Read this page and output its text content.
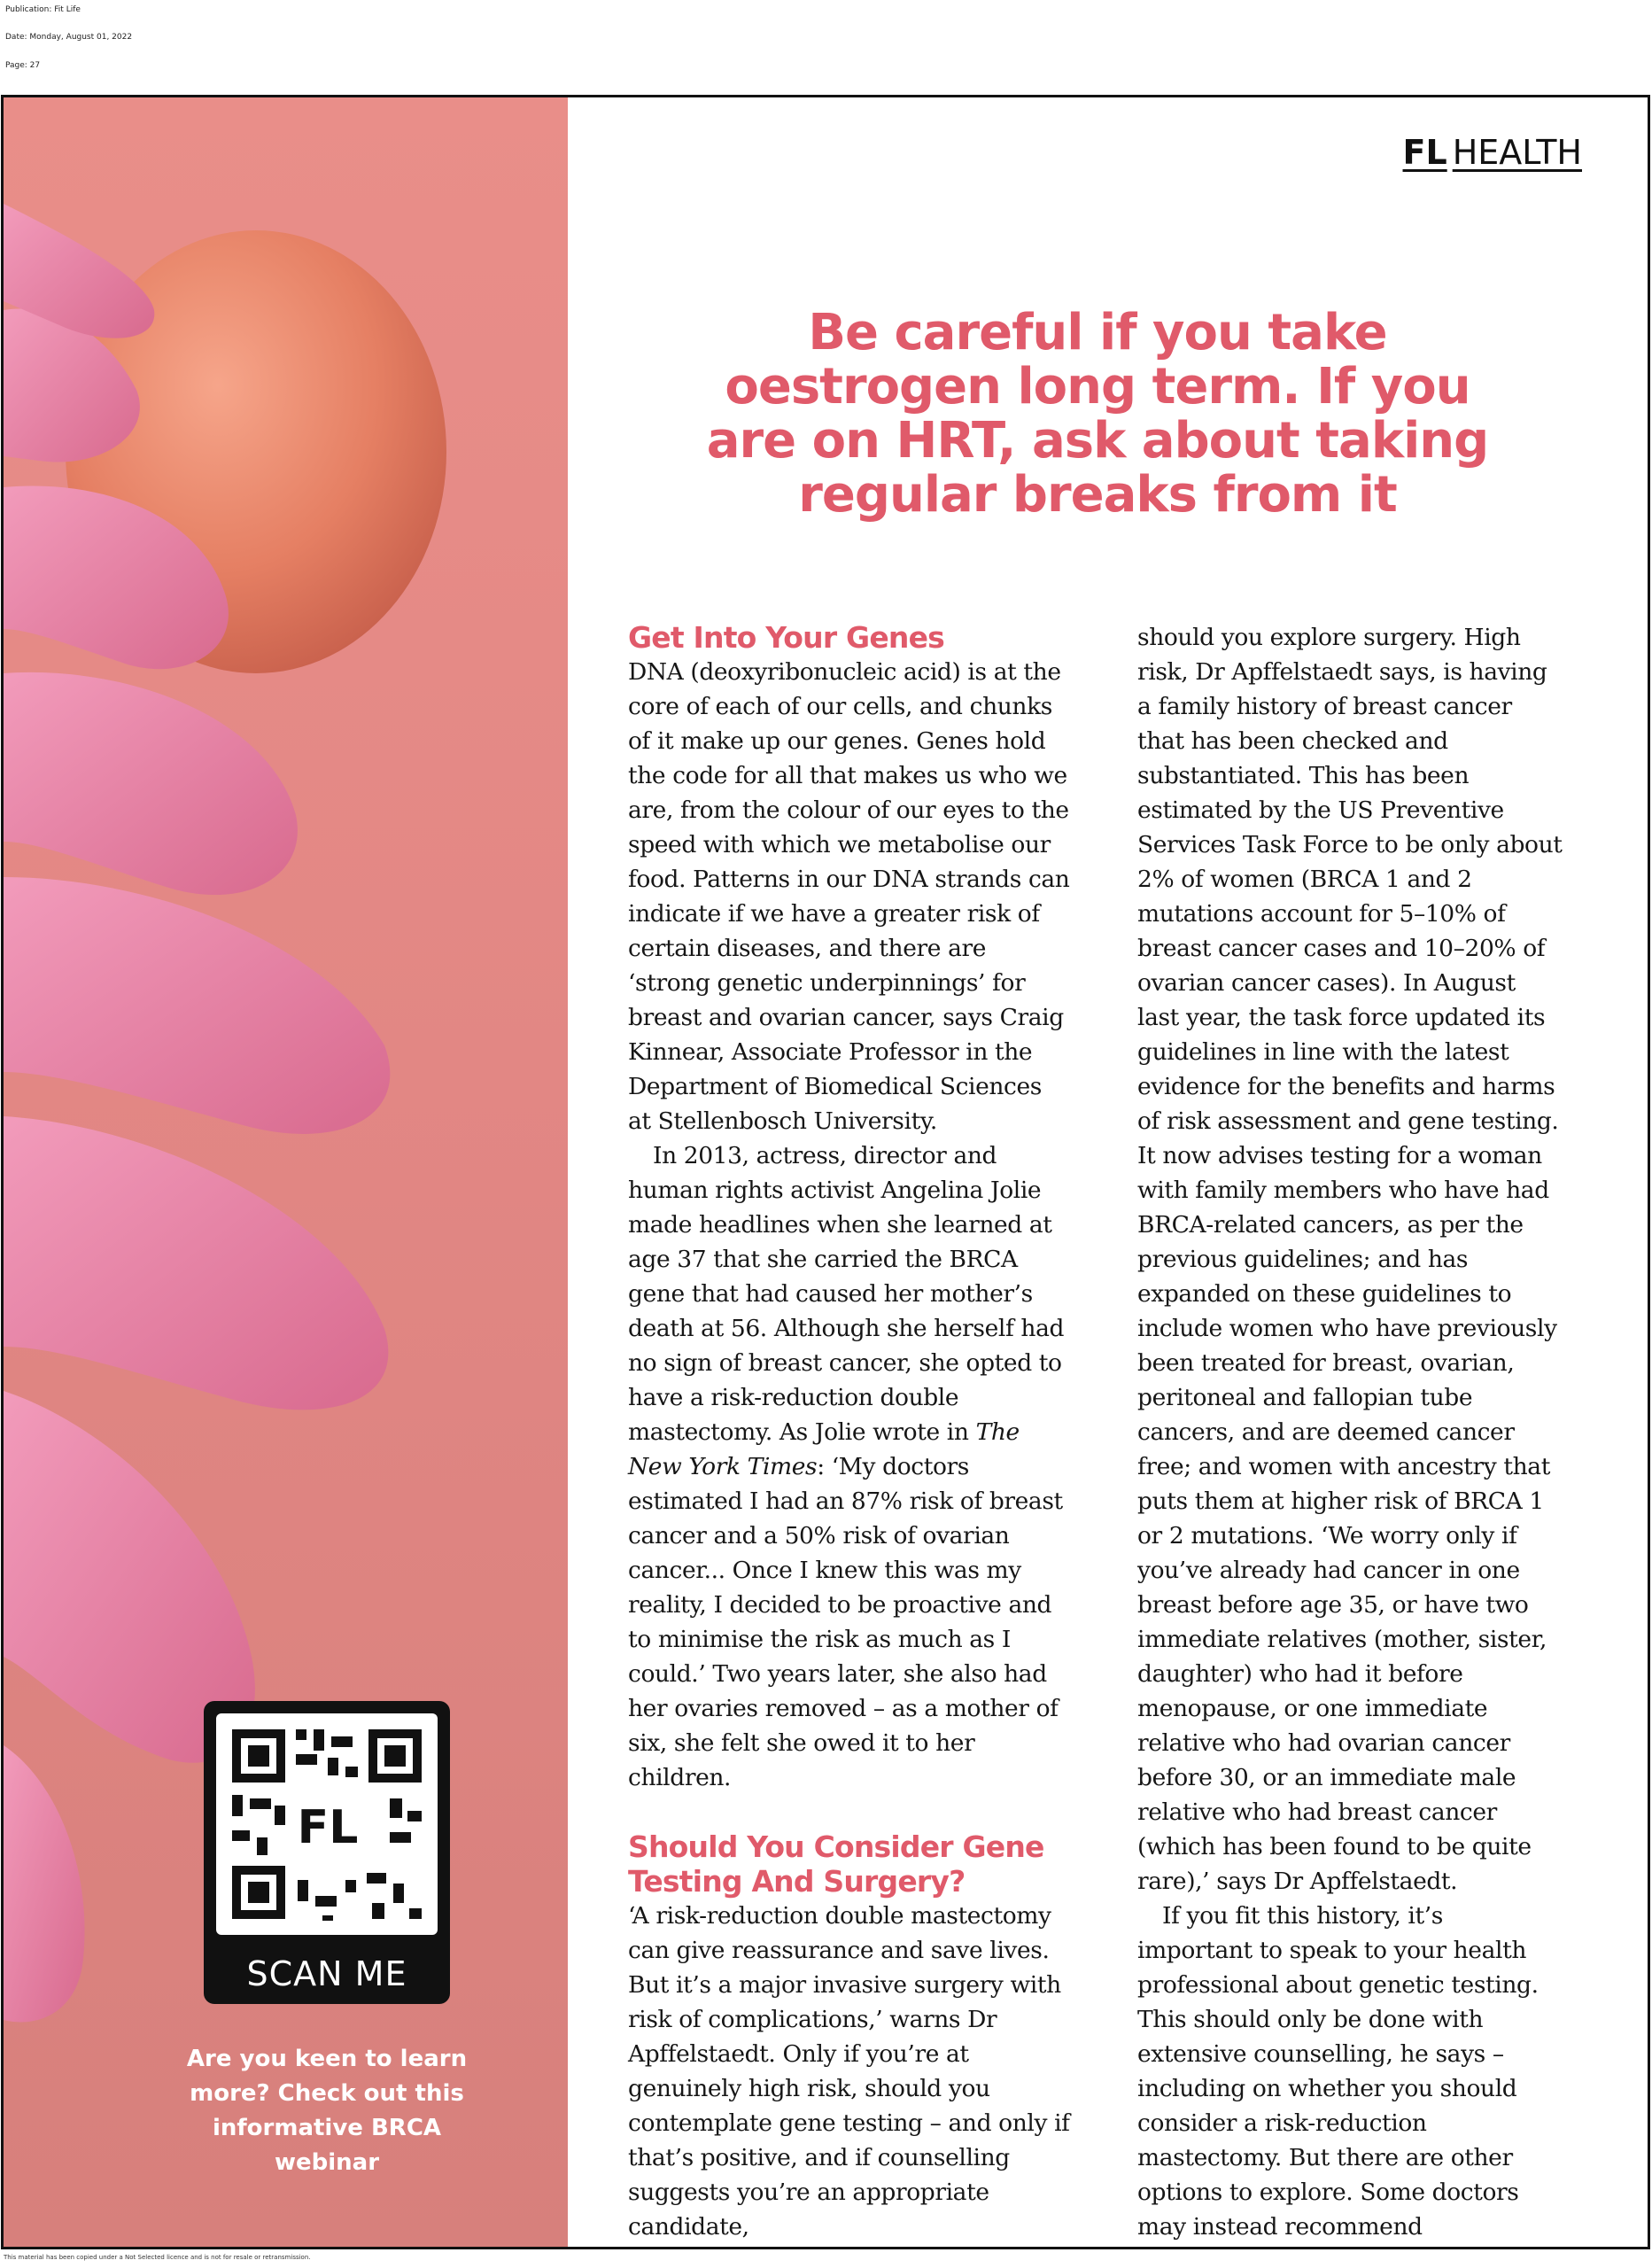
Publication: Fit Life
Date: Monday, August 01, 2022
Page: 27
FL
SCAN ME
Are you keen to learn more? Check out this informative BRCA webinar
FL HEALTH
Be careful if you take oestrogen long term. If you are on HRT, ask about taking regular breaks from it
Get Into Your Genes

DNA (deoxyribonucleic acid) is at the core of each of our cells, and chunks of it make up our genes. Genes hold the code for all that makes us who we are, from the colour of our eyes to the speed with which we metabolise our food. Patterns in our DNA strands can indicate if we have a greater risk of certain diseases, and there are ‘strong genetic underpinnings’ for breast and ovarian cancer, says Craig Kinnear, Associate Professor in the Department of Biomedical Sciences at Stellenbosch University.

In 2013, actress, director and human rights activist Angelina Jolie made headlines when she learned at age 37 that she carried the BRCA gene that had caused her mother’s death at 56. Although she herself had no sign of breast cancer, she opted to have a risk-reduction double mastectomy. As Jolie wrote in The New York Times: ‘My doctors estimated I had an 87% risk of breast cancer and a 50% risk of ovarian cancer... Once I knew this was my reality, I decided to be proactive and to minimise the risk as much as I could.’ Two years later, she also had her ovaries removed – as a mother of six, she felt she owed it to her children.

Should You Consider Gene Testing And Surgery?

‘A risk-reduction double mastectomy can give reassurance and save lives. But it’s a major invasive surgery with risk of complications,’ warns Dr Apffelstaedt. Only if you’re at genuinely high risk, should you contemplate gene testing – and only if that’s positive, and if counselling suggests you’re an appropriate candidate,

should you explore surgery. High risk, Dr Apffelstaedt says, is having a family history of breast cancer that has been checked and substantiated. This has been estimated by the US Preventive Services Task Force to be only about 2% of women (BRCA 1 and 2 mutations account for 5–10% of breast cancer cases and 10–20% of ovarian cancer cases). In August last year, the task force updated its guidelines in line with the latest evidence for the benefits and harms of risk assessment and gene testing. It now advises testing for a woman with family members who have had BRCA-related cancers, as per the previous guidelines; and has expanded on these guidelines to include women who have previously been treated for breast, ovarian, peritoneal and fallopian tube cancers, and are deemed cancer free; and women with ancestry that puts them at higher risk of BRCA 1 or 2 mutations. ‘We worry only if you’ve already had cancer in one breast before age 35, or have two immediate relatives (mother, sister, daughter) who had it before menopause, or one immediate relative who had ovarian cancer before 30, or an immediate male relative who had breast cancer (which has been found to be quite rare),’ says Dr Apffelstaedt.

If you fit this history, it’s important to speak to your health professional about genetic testing. This should only be done with extensive counselling, he says – including on whether you should consider a risk-reduction mastectomy. But there are other options to explore. Some doctors may instead recommend

This material has been copied under a Not Selected licence and is not for resale or retransmission.
